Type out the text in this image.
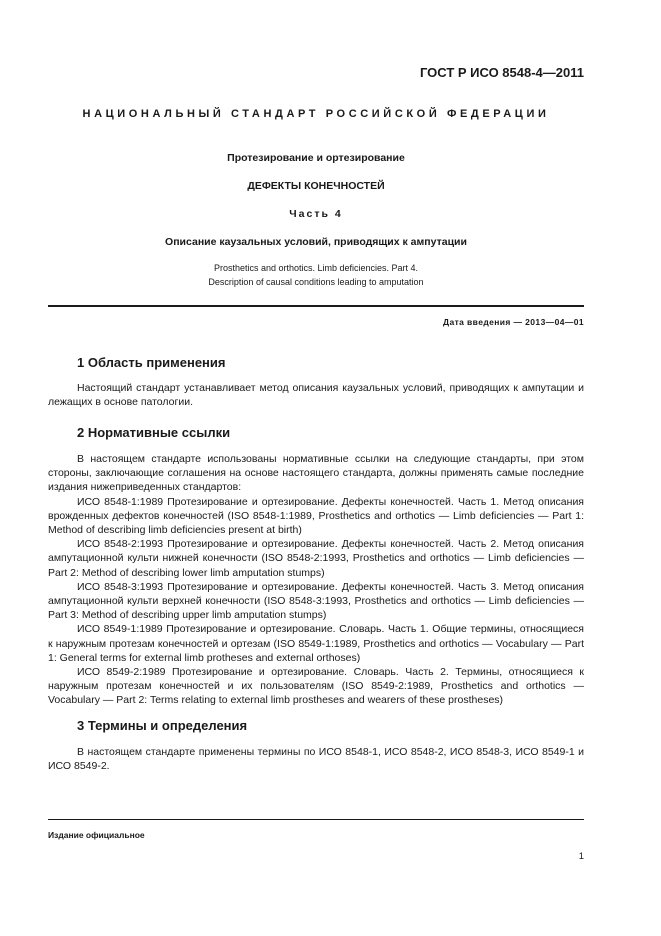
ГОСТ Р ИСО 8548-4—2011
НАЦИОНАЛЬНЫЙ СТАНДАРТ РОССИЙСКОЙ ФЕДЕРАЦИИ
Протезирование и ортезирование
ДЕФЕКТЫ КОНЕЧНОСТЕЙ
Часть 4
Описание каузальных условий, приводящих к ампутации
Prosthetics and orthotics. Limb deficiencies. Part 4.
Description of causal conditions leading to amputation
Дата введения — 2013—04—01
1 Область применения

Настоящий стандарт устанавливает метод описания каузальных условий, приводящих к ампутации и лежащих в основе патологии.

2 Нормативные ссылки

В настоящем стандарте использованы нормативные ссылки на следующие стандарты, при этом стороны, заключающие соглашения на основе настоящего стандарта, должны применять самые последние издания нижеприведенных стандартов:

ИСО 8548-1:1989 Протезирование и ортезирование. Дефекты конечностей. Часть 1. Метод описания врожденных дефектов конечностей (ISO 8548-1:1989, Prosthetics and orthotics — Limb deficiencies — Part 1: Method of describing limb deficiencies present at birth)

ИСО 8548-2:1993 Протезирование и ортезирование. Дефекты конечностей. Часть 2. Метод описания ампутационной культи нижней конечности (ISO 8548-2:1993, Prosthetics and orthotics — Limb deficiencies — Part 2: Method of describing lower limb amputation stumps)

ИСО 8548-3:1993 Протезирование и ортезирование. Дефекты конечностей. Часть 3. Метод описания ампутационной культи верхней конечности (ISO 8548-3:1993, Prosthetics and orthotics — Limb deficiencies — Part 3: Method of describing upper limb amputation stumps)

ИСО 8549-1:1989 Протезирование и ортезирование. Словарь. Часть 1. Общие термины, относящиеся к наружным протезам конечностей и ортезам (ISO 8549-1:1989, Prosthetics and orthotics — Vocabulary — Part 1: General terms for external limb protheses and external orthoses)

ИСО 8549-2:1989 Протезирование и ортезирование. Словарь. Часть 2. Термины, относящиеся к наружным протезам конечностей и их пользователям (ISO 8549-2:1989, Prosthetics and orthotics — Vocabulary — Part 2: Terms relating to external limb prostheses and wearers of these prostheses)

3 Термины и определения

В настоящем стандарте применены термины по ИСО 8548-1, ИСО 8548-2, ИСО 8548-3, ИСО 8549-1 и ИСО 8549-2.

Издание официальное
1
